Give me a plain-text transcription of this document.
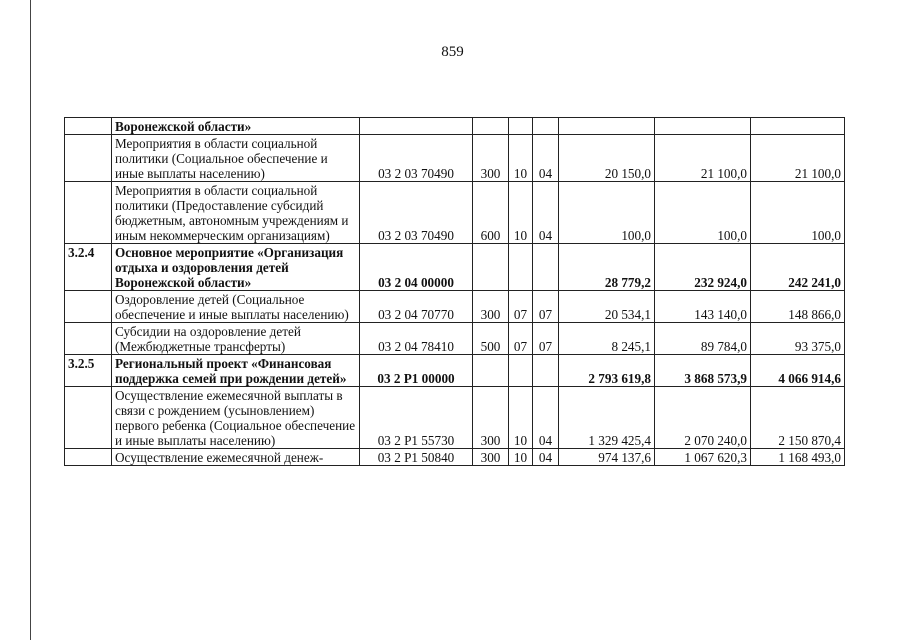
859
	Воронежской области»							
	Мероприятия в области социальной политики (Социальное обеспечение и иные выплаты населению)	03 2 03 70490	300	10	04	20 150,0	21 100,0	21 100,0
	Мероприятия в области социальной политики (Предоставление субсидий бюджетным, автономным учреждениям и иным некоммерческим организациям)	03 2 03 70490	600	10	04	100,0	100,0	100,0
3.2.4	Основное мероприятие «Организация отдыха и оздоровления детей Воронежской области»	03 2 04 00000				28 779,2	232 924,0	242 241,0
	Оздоровление детей (Социальное обеспечение и иные выплаты населению)	03 2 04 70770	300	07	07	20 534,1	143 140,0	148 866,0
	Субсидии на оздоровление детей (Межбюджетные трансферты)	03 2 04 78410	500	07	07	8 245,1	89 784,0	93 375,0
3.2.5	Региональный проект «Финансовая поддержка семей при рождении детей»	03 2 P1 00000				2 793 619,8	3 868 573,9	4 066 914,6
	Осуществление ежемесячной выплаты в связи с рождением (усыновлением) первого ребенка (Социальное обеспечение и иные выплаты населению)	03 2 P1 55730	300	10	04	1 329 425,4	2 070 240,0	2 150 870,4
	Осуществление ежемесячной денеж-	03 2 P1 50840	300	10	04	974 137,6	1 067 620,3	1 168 493,0
